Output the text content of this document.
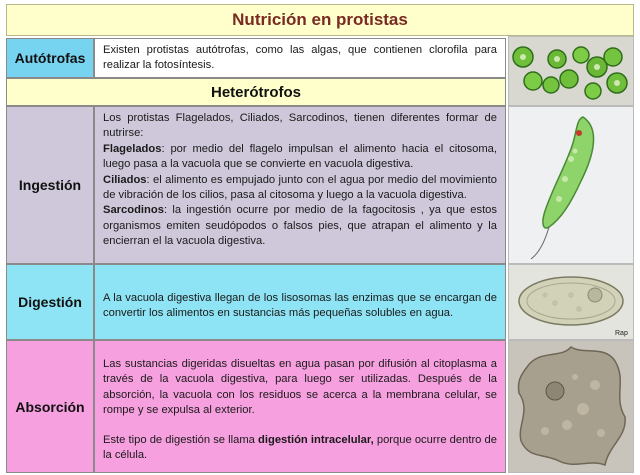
Nutrición en protistas
Autótrofas	Existen protistas autótrofas, como las algas, que contienen clorofila para realizar la fotosíntesis.
Heterótrofos
Ingestión

Los protistas Flagelados, Ciliados, Sarcodinos, tienen diferentes formar de nutrirse:

Flagelados: por medio del flagelo impulsan el alimento hacia el citosoma, luego pasa a la vacuola que se convierte en vacuola digestiva.

Ciliados: el alimento es empujado junto con el agua por medio del movimiento de vibración de los cilios, pasa al citosoma y luego a la vacuola digestiva.

Sarcodinos: la ingestión ocurre por medio de la fagocitosis , ya que estos organismos emiten seudópodos o falsos pies, que atrapan el alimento y la encierran el la vacuola digestiva.

Digestión	A la vacuola digestiva llegan de los lisosomas las enzimas que se encargan de convertir los alimentos en sustancias más pequeñas solubles en agua.
Absorción

Las sustancias digeridas disueltas en agua pasan por difusión al citoplasma a través de la vacuola digestiva, para luego ser utilizadas. Después de la absorción, la vacuola con los residuos se acerca a la membrana celular, se rompe y se expulsa al exterior.

Este tipo de digestión se llama digestión intracelular, porque ocurre dentro de la célula.

Rap
